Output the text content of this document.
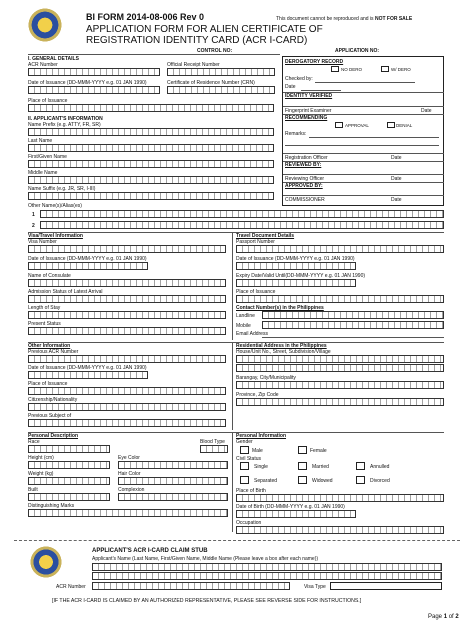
BI FORM 2014-08-006 Rev 0	This document cannot be reproduced and is NOT FOR SALE
APPLICATION FORM FOR ALIEN CERTIFICATE OF
REGISTRATION IDENTITY CARD (ACR I-CARD)
CONTROL NO:	APPLICATION NO:
I. GENERAL DETAILS
ACR Number	Official Receipt Number
Date of Issuance (DD-MMM-YYYY e.g. 01 JAN 1990)	Certificate of Residence Number (CRN)
Place of Issuance
II. APPLICANT'S INFORMATION
Name Prefix (e.g. ATTY, FR, SR)
Last Name
First/Given Name
Middle Name
Name Suffix (e.g. JR, SR, I-III)
Other Name(s)/Alias(es)
1
2
DEROGATORY RECORD
NO DERO	W/ DERO
Checked by:
Date
IDENTITY VERIFIED
Fingerprint Examiner	Date
RECOMMENDING
APPROVAL	DENIAL
Remarks:
Registration Officer	Date
REVIEWED BY:
Reviewing Officer	Date
APPROVED BY:
COMMISSIONER	Date
Visa/Travel Information
Visa Number
Date of Issuance (DD-MMM-YYYY e.g. 01 JAN 1990)
Name of Consulate
Admission Status of Latest Arrival
Length of Stay
Present Status
Travel Document Details
Passport Number
Date of Issuance (DD-MMM-YYYY e.g. 01 JAN 1990)
Expiry Date/Valid Until(DD-MMM-YYYY e.g. 01 JAN 1990)
Place of Issuance
Contact Number(s) in the Philippines
Landline
Mobile
Email Address
Other Information
Previous ACR Number
Date of Issuance (DD-MMM-YYYY e.g. 01 JAN 1990)
Place of Issuance
Citizenship/Nationality
Previous Subject of
Residential Address in the Philippines
House/Unit No., Street, Subdivision/Village
Barangay, City/Municipality
Province, Zip Code
Personal Description
Race	Blood Type
Height (cm)	Eye Color
Weight (kg)	Hair Color
Built	Complexion
Distinguishing Marks
Personal Information
Gender
Male	Female
Civil Status
Single	Married	Annulled
Separated	Widowed	Divorced
Place of Birth
Date of Birth (DD-MMM-YYYY e.g. 01 JAN 1990)
Occupation
APPLICANT'S ACR I-CARD CLAIM STUB
Applicant's Name (Last Name, First/Given Name, Middle Name (Please leave a box after each name))
ACR Number	Visa Type
[IF THE ACR I-CARD IS CLAIMED BY AN AUTHORIZED REPRESENTATIVE, PLEASE SEE REVERSE SIDE FOR INSTRUCTIONS.]
Page 1 of 2
